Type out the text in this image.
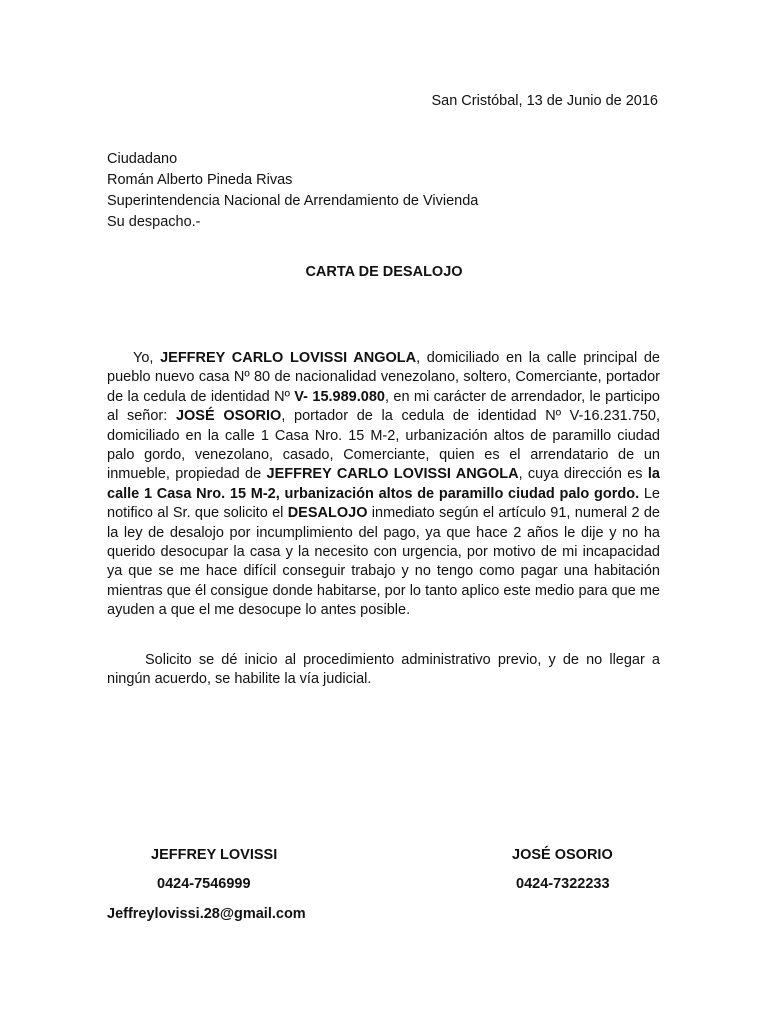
San Cristóbal, 13 de Junio de 2016
Ciudadano
Román Alberto Pineda Rivas
Superintendencia Nacional de Arrendamiento de Vivienda
Su despacho.-
CARTA DE DESALOJO

Yo, JEFFREY CARLO LOVISSI ANGOLA, domiciliado en la calle principal de pueblo nuevo casa Nº 80 de nacionalidad venezolano, soltero, Comerciante, portador de la cedula de identidad Nº V- 15.989.080, en mi carácter de arrendador, le participo al señor: JOSÉ OSORIO, portador de la cedula de identidad Nº V-16.231.750, domiciliado en la calle 1 Casa Nro. 15 M-2, urbanización altos de paramillo ciudad palo gordo, venezolano, casado, Comerciante, quien es el arrendatario de un inmueble, propiedad de JEFFREY CARLO LOVISSI ANGOLA, cuya dirección es la calle 1 Casa Nro. 15 M-2, urbanización altos de paramillo ciudad palo gordo. Le notifico al Sr. que solicito el DESALOJO inmediato según el artículo 91, numeral 2 de la ley de desalojo por incumplimiento del pago, ya que hace 2 años le dije y no ha querido desocupar la casa y la necesito con urgencia, por motivo de mi incapacidad ya que se me hace difícil conseguir trabajo y no tengo como pagar una habitación mientras que él consigue donde habitarse, por lo tanto aplico este medio para que me ayuden a que el me desocupe lo antes posible.

Solicito se dé inicio al procedimiento administrativo previo, y de no llegar a ningún acuerdo, se habilite la vía judicial.

JEFFREY LOVISSI
0424-7546999
Jeffreylovissi.28@gmail.com
JOSÉ OSORIO
0424-7322233
